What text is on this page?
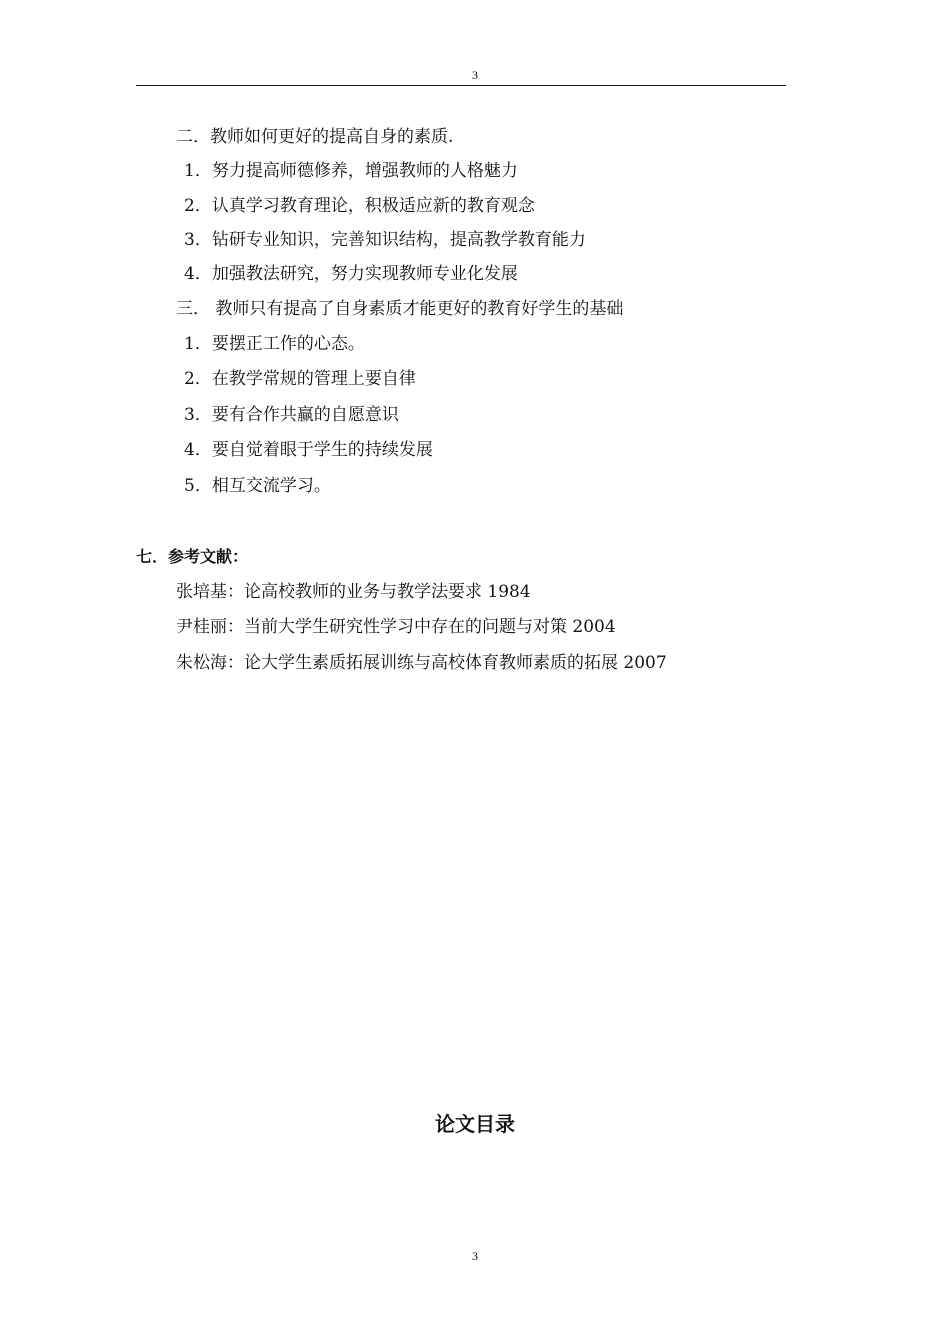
3
二．教师如何更好的提高自身的素质.
1．努力提高师德修养，增强教师的人格魅力
2．认真学习教育理论，积极适应新的教育观念
3．钻研专业知识，完善知识结构，提高教学教育能力
4．加强教法研究，努力实现教师专业化发展
三． 教师只有提高了自身素质才能更好的教育好学生的基础
1．要摆正工作的心态。
2．在教学常规的管理上要自律
3．要有合作共赢的自愿意识
4．要自觉着眼于学生的持续发展
5．相互交流学习。
七．参考文献：
张培基：论高校教师的业务与教学法要求 1984
尹桂丽：当前大学生研究性学习中存在的问题与对策 2004
朱松海：论大学生素质拓展训练与高校体育教师素质的拓展 2007
论文目录
3
